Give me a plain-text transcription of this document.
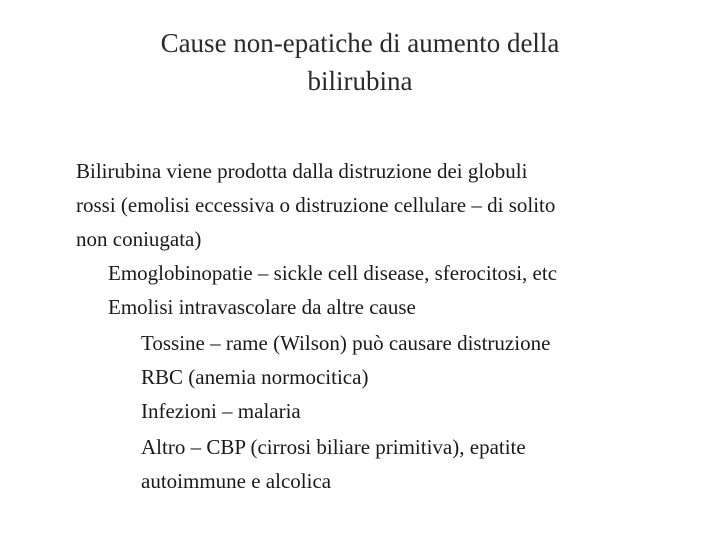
Cause non-epatiche di aumento della
bilirubina
Bilirubina viene prodotta dalla distruzione dei globuli
rossi (emolisi eccessiva o distruzione cellulare – di solito
non coniugata)
Emoglobinopatie – sickle cell disease, sferocitosi, etc
Emolisi intravascolare da altre cause
Tossine – rame (Wilson) può causare distruzione
RBC (anemia normocitica)
Infezioni – malaria
Altro – CBP (cirrosi biliare primitiva), epatite
autoimmune e alcolica
